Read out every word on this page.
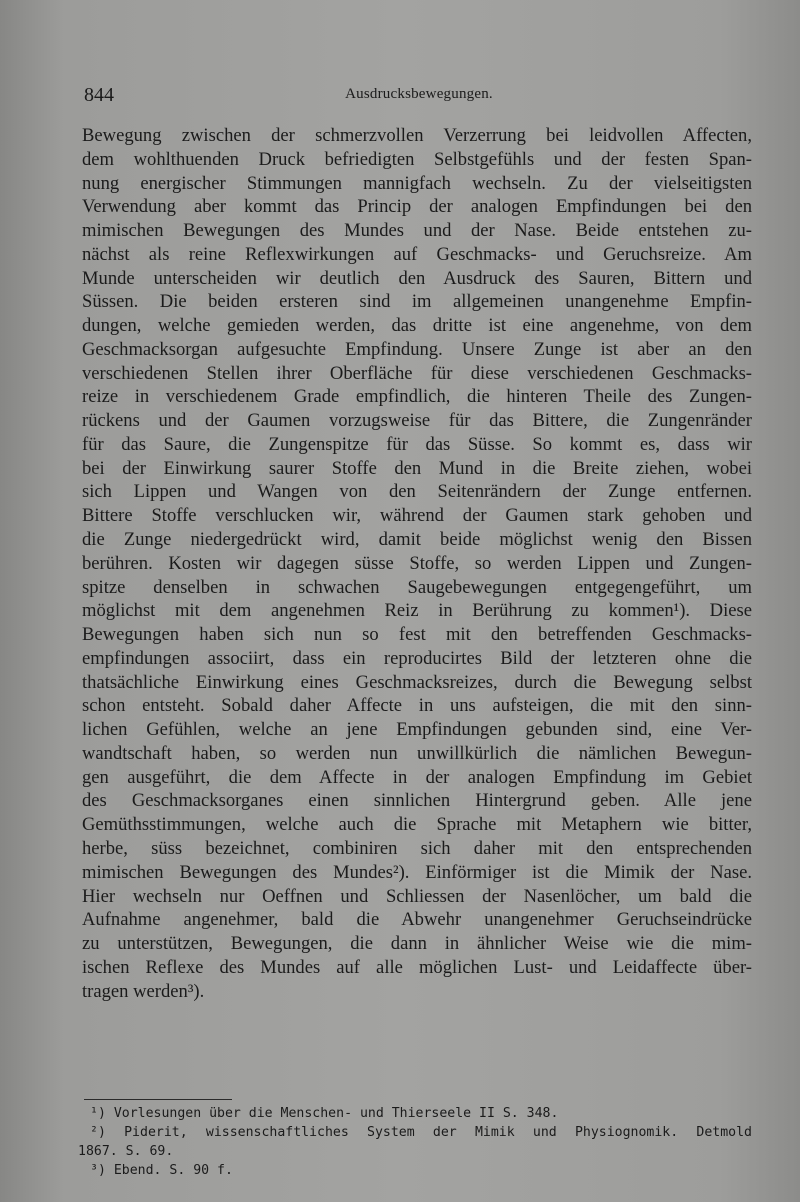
844	Ausdrucksbewegungen.
Bewegung zwischen der schmerzvollen Verzerrung bei leidvollen Affecten,
dem wohlthuenden Druck befriedigten Selbstgefühls und der festen Span-
nung energischer Stimmungen mannigfach wechseln. Zu der vielseitigsten
Verwendung aber kommt das Princip der analogen Empfindungen bei den
mimischen Bewegungen des Mundes und der Nase. Beide entstehen zu-
nächst als reine Reflexwirkungen auf Geschmacks- und Geruchsreize. Am
Munde unterscheiden wir deutlich den Ausdruck des Sauren, Bittern und
Süssen. Die beiden ersteren sind im allgemeinen unangenehme Empfin-
dungen, welche gemieden werden, das dritte ist eine angenehme, von dem
Geschmacksorgan aufgesuchte Empfindung. Unsere Zunge ist aber an den
verschiedenen Stellen ihrer Oberfläche für diese verschiedenen Geschmacks-
reize in verschiedenem Grade empfindlich, die hinteren Theile des Zungen-
rückens und der Gaumen vorzugsweise für das Bittere, die Zungenränder
für das Saure, die Zungenspitze für das Süsse. So kommt es, dass wir
bei der Einwirkung saurer Stoffe den Mund in die Breite ziehen, wobei
sich Lippen und Wangen von den Seitenrändern der Zunge entfernen.
Bittere Stoffe verschlucken wir, während der Gaumen stark gehoben und
die Zunge niedergedrückt wird, damit beide möglichst wenig den Bissen
berühren. Kosten wir dagegen süsse Stoffe, so werden Lippen und Zungen-
spitze denselben in schwachen Saugebewegungen entgegengeführt, um
möglichst mit dem angenehmen Reiz in Berührung zu kommen¹). Diese
Bewegungen haben sich nun so fest mit den betreffenden Geschmacks-
empfindungen associirt, dass ein reproducirtes Bild der letzteren ohne die
thatsächliche Einwirkung eines Geschmacksreizes, durch die Bewegung selbst
schon entsteht. Sobald daher Affecte in uns aufsteigen, die mit den sinn-
lichen Gefühlen, welche an jene Empfindungen gebunden sind, eine Ver-
wandtschaft haben, so werden nun unwillkürlich die nämlichen Bewegun-
gen ausgeführt, die dem Affecte in der analogen Empfindung im Gebiet
des Geschmacksorganes einen sinnlichen Hintergrund geben. Alle jene
Gemüthsstimmungen, welche auch die Sprache mit Metaphern wie bitter,
herbe, süss bezeichnet, combiniren sich daher mit den entsprechenden
mimischen Bewegungen des Mundes²). Einförmiger ist die Mimik der Nase.
Hier wechseln nur Oeffnen und Schliessen der Nasenlöcher, um bald die
Aufnahme angenehmer, bald die Abwehr unangenehmer Geruchseindrücke
zu unterstützen, Bewegungen, die dann in ähnlicher Weise wie die mim-
ischen Reflexe des Mundes auf alle möglichen Lust- und Leidaffecte über-
tragen werden³).
¹) Vorlesungen über die Menschen- und Thierseele II S. 348.
²) Piderit, wissenschaftliches System der Mimik und Physiognomik. Detmold
1867. S. 69.
³) Ebend. S. 90 f.
